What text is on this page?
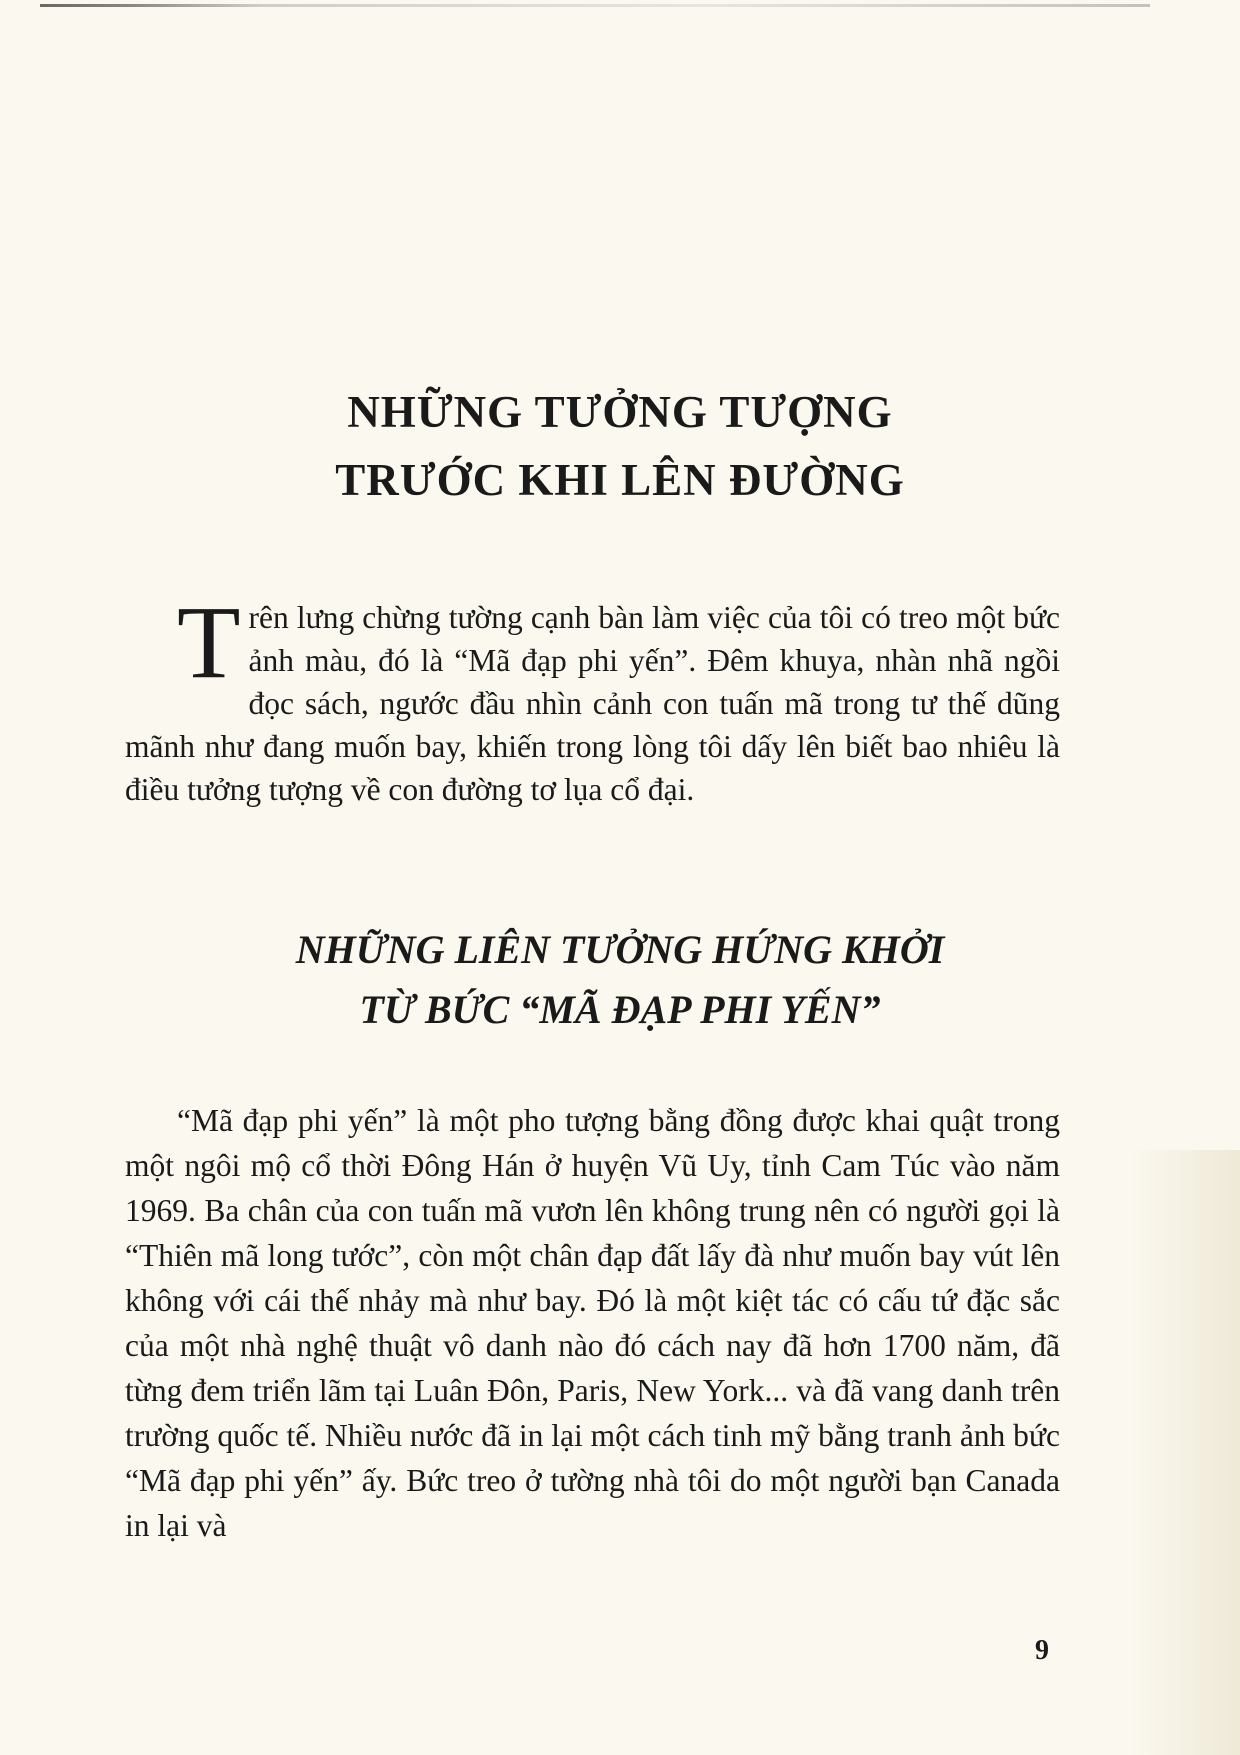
NHỮNG TƯỞNG TƯỢNG
TRƯỚC KHI LÊN ĐƯỜNG

Trên lưng chừng tường cạnh bàn làm việc của tôi có treo một bức ảnh màu, đó là “Mã đạp phi yến”. Đêm khuya, nhàn nhã ngồi đọc sách, ngước đầu nhìn cảnh con tuấn mã trong tư thế dũng mãnh như đang muốn bay, khiến trong lòng tôi dấy lên biết bao nhiêu là điều tưởng tượng về con đường tơ lụa cổ đại.

NHỮNG LIÊN TƯỞNG HỨNG KHỞI
TỪ BỨC “MÃ ĐẠP PHI YẾN”

“Mã đạp phi yến” là một pho tượng bằng đồng được khai quật trong một ngôi mộ cổ thời Đông Hán ở huyện Vũ Uy, tỉnh Cam Túc vào năm 1969. Ba chân của con tuấn mã vươn lên không trung nên có người gọi là “Thiên mã long tước”, còn một chân đạp đất lấy đà như muốn bay vút lên không với cái thế nhảy mà như bay. Đó là một kiệt tác có cấu tứ đặc sắc của một nhà nghệ thuật vô danh nào đó cách nay đã hơn 1700 năm, đã từng đem triển lãm tại Luân Đôn, Paris, New York... và đã vang danh trên trường quốc tế. Nhiều nước đã in lại một cách tinh mỹ bằng tranh ảnh bức “Mã đạp phi yến” ấy. Bức treo ở tường nhà tôi do một người bạn Canada in lại và

9
